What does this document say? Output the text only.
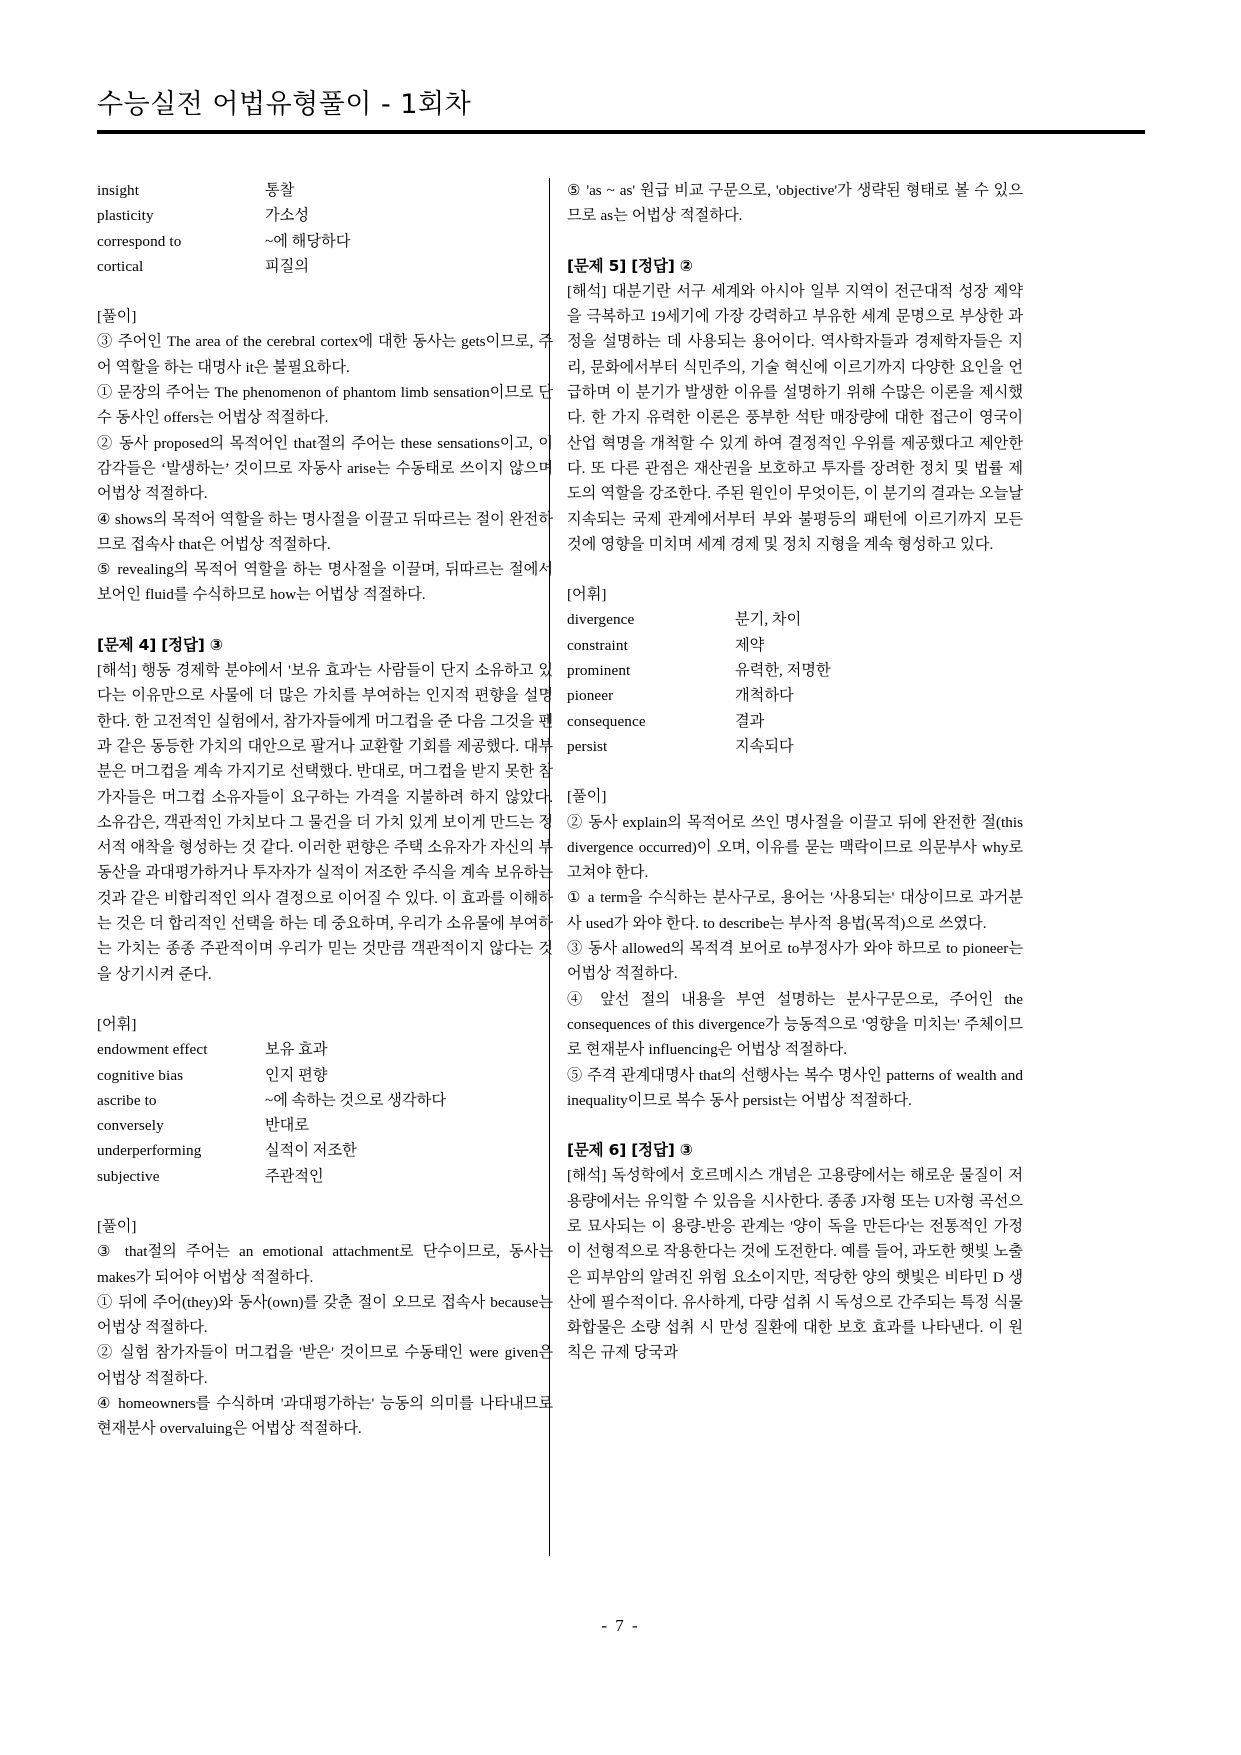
수능실전 어법유형풀이 - 1회차
insight	통찰
plasticity	가소성
correspond to	~에 해당하다
cortical	피질의

[풀이]

③ 주어인 The area of the cerebral cortex에 대한 동사는 gets이므로, 주어 역할을 하는 대명사 it은 불필요하다.

① 문장의 주어는 The phenomenon of phantom limb sensation이므로 단수 동사인 offers는 어법상 적절하다.

② 동사 proposed의 목적어인 that절의 주어는 these sensations이고, 이 감각들은 ‘발생하는’ 것이므로 자동사 arise는 수동태로 쓰이지 않으며 어법상 적절하다.

④ shows의 목적어 역할을 하는 명사절을 이끌고 뒤따르는 절이 완전하므로 접속사 that은 어법상 적절하다.

⑤ revealing의 목적어 역할을 하는 명사절을 이끌며, 뒤따르는 절에서 보어인 fluid를 수식하므로 how는 어법상 적절하다.

[문제 4] [정답] ③

[해석] 행동 경제학 분야에서 '보유 효과'는 사람들이 단지 소유하고 있다는 이유만으로 사물에 더 많은 가치를 부여하는 인지적 편향을 설명한다. 한 고전적인 실험에서, 참가자들에게 머그컵을 준 다음 그것을 펜과 같은 동등한 가치의 대안으로 팔거나 교환할 기회를 제공했다. 대부분은 머그컵을 계속 가지기로 선택했다. 반대로, 머그컵을 받지 못한 참가자들은 머그컵 소유자들이 요구하는 가격을 지불하려 하지 않았다. 소유감은, 객관적인 가치보다 그 물건을 더 가치 있게 보이게 만드는 정서적 애착을 형성하는 것 같다. 이러한 편향은 주택 소유자가 자신의 부동산을 과대평가하거나 투자자가 실적이 저조한 주식을 계속 보유하는 것과 같은 비합리적인 의사 결정으로 이어질 수 있다. 이 효과를 이해하는 것은 더 합리적인 선택을 하는 데 중요하며, 우리가 소유물에 부여하는 가치는 종종 주관적이며 우리가 믿는 것만큼 객관적이지 않다는 것을 상기시켜 준다.

[어휘]

endowment effect	보유 효과
cognitive bias	인지 편향
ascribe to	~에 속하는 것으로 생각하다
conversely	반대로
underperforming	실적이 저조한
subjective	주관적인

[풀이]

③ that절의 주어는 an emotional attachment로 단수이므로, 동사는 makes가 되어야 어법상 적절하다.

① 뒤에 주어(they)와 동사(own)를 갖춘 절이 오므로 접속사 because는 어법상 적절하다.

② 실험 참가자들이 머그컵을 '받은' 것이므로 수동태인 were given은 어법상 적절하다.

④ homeowners를 수식하며 '과대평가하는' 능동의 의미를 나타내므로 현재분사 overvaluing은 어법상 적절하다.

⑤ 'as ~ as' 원급 비교 구문으로, 'objective'가 생략된 형태로 볼 수 있으므로 as는 어법상 적절하다.

[문제 5] [정답] ②

[해석] 대분기란 서구 세계와 아시아 일부 지역이 전근대적 성장 제약을 극복하고 19세기에 가장 강력하고 부유한 세계 문명으로 부상한 과정을 설명하는 데 사용되는 용어이다. 역사학자들과 경제학자들은 지리, 문화에서부터 식민주의, 기술 혁신에 이르기까지 다양한 요인을 언급하며 이 분기가 발생한 이유를 설명하기 위해 수많은 이론을 제시했다. 한 가지 유력한 이론은 풍부한 석탄 매장량에 대한 접근이 영국이 산업 혁명을 개척할 수 있게 하여 결정적인 우위를 제공했다고 제안한다. 또 다른 관점은 재산권을 보호하고 투자를 장려한 정치 및 법률 제도의 역할을 강조한다. 주된 원인이 무엇이든, 이 분기의 결과는 오늘날 지속되는 국제 관계에서부터 부와 불평등의 패턴에 이르기까지 모든 것에 영향을 미치며 세계 경제 및 정치 지형을 계속 형성하고 있다.

[어휘]

divergence	분기, 차이
constraint	제약
prominent	유력한, 저명한
pioneer	개척하다
consequence	결과
persist	지속되다

[풀이]

② 동사 explain의 목적어로 쓰인 명사절을 이끌고 뒤에 완전한 절(this divergence occurred)이 오며, 이유를 묻는 맥락이므로 의문부사 why로 고쳐야 한다.

① a term을 수식하는 분사구로, 용어는 '사용되는' 대상이므로 과거분사 used가 와야 한다. to describe는 부사적 용법(목적)으로 쓰였다.

③ 동사 allowed의 목적격 보어로 to부정사가 와야 하므로 to pioneer는 어법상 적절하다.

④ 앞선 절의 내용을 부연 설명하는 분사구문으로, 주어인 the consequences of this divergence가 능동적으로 '영향을 미치는' 주체이므로 현재분사 influencing은 어법상 적절하다.

⑤ 주격 관계대명사 that의 선행사는 복수 명사인 patterns of wealth and inequality이므로 복수 동사 persist는 어법상 적절하다.

[문제 6] [정답] ③

[해석] 독성학에서 호르메시스 개념은 고용량에서는 해로운 물질이 저용량에서는 유익할 수 있음을 시사한다. 종종 J자형 또는 U자형 곡선으로 묘사되는 이 용량-반응 관계는 '양이 독을 만든다'는 전통적인 가정이 선형적으로 작용한다는 것에 도전한다. 예를 들어, 과도한 햇빛 노출은 피부암의 알려진 위험 요소이지만, 적당한 양의 햇빛은 비타민 D 생산에 필수적이다. 유사하게, 다량 섭취 시 독성으로 간주되는 특정 식물 화합물은 소량 섭취 시 만성 질환에 대한 보호 효과를 나타낸다. 이 원칙은 규제 당국과

- 7 -
